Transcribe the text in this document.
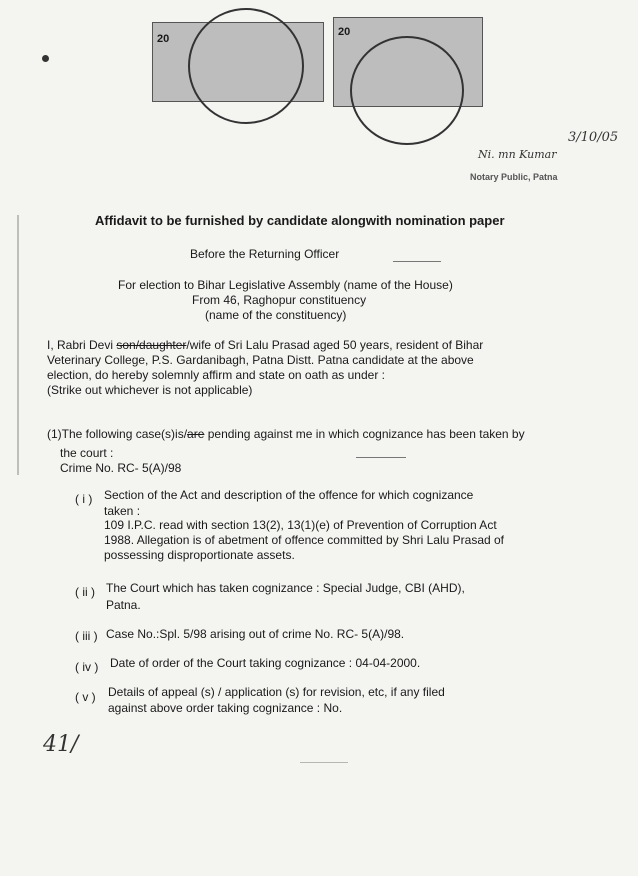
20
20
41/
Ni. mn Kumar
3/10/05
Notary Public, Patna
Affidavit to be furnished by candidate alongwith nomination paper
Before the Returning Officer
For election to Bihar Legislative Assembly (name of the House)
From 46, Raghopur constituency
(name of the constituency)
I, Rabri Devi son/daughter/wife of Sri Lalu Prasad aged 50 years, resident of Bihar
Veterinary College, P.S. Gardanibagh, Patna Distt. Patna candidate at the above
election, do hereby solemnly affirm and state on oath as under :
(Strike out whichever is not applicable)
(1)The following case(s)is/are pending against me in which cognizance has been taken by
the court :
Crime No. RC- 5(A)/98
( i ) Section of the Act and description of the offence for which cognizance
taken :
109 I.P.C. read with section 13(2), 13(1)(e) of Prevention of Corruption Act
1988. Allegation is of abetment of offence committed by Shri Lalu Prasad of
possessing disproportionate assets.
( ii ) The Court which has taken cognizance : Special Judge, CBI (AHD),
Patna.
( iii ) Case No.:Spl. 5/98 arising out of crime No. RC- 5(A)/98.
( iv ) Date of order of the Court taking cognizance : 04-04-2000.
( v ) Details of appeal (s) / application (s) for revision, etc, if any filed
against above order taking cognizance : No.
